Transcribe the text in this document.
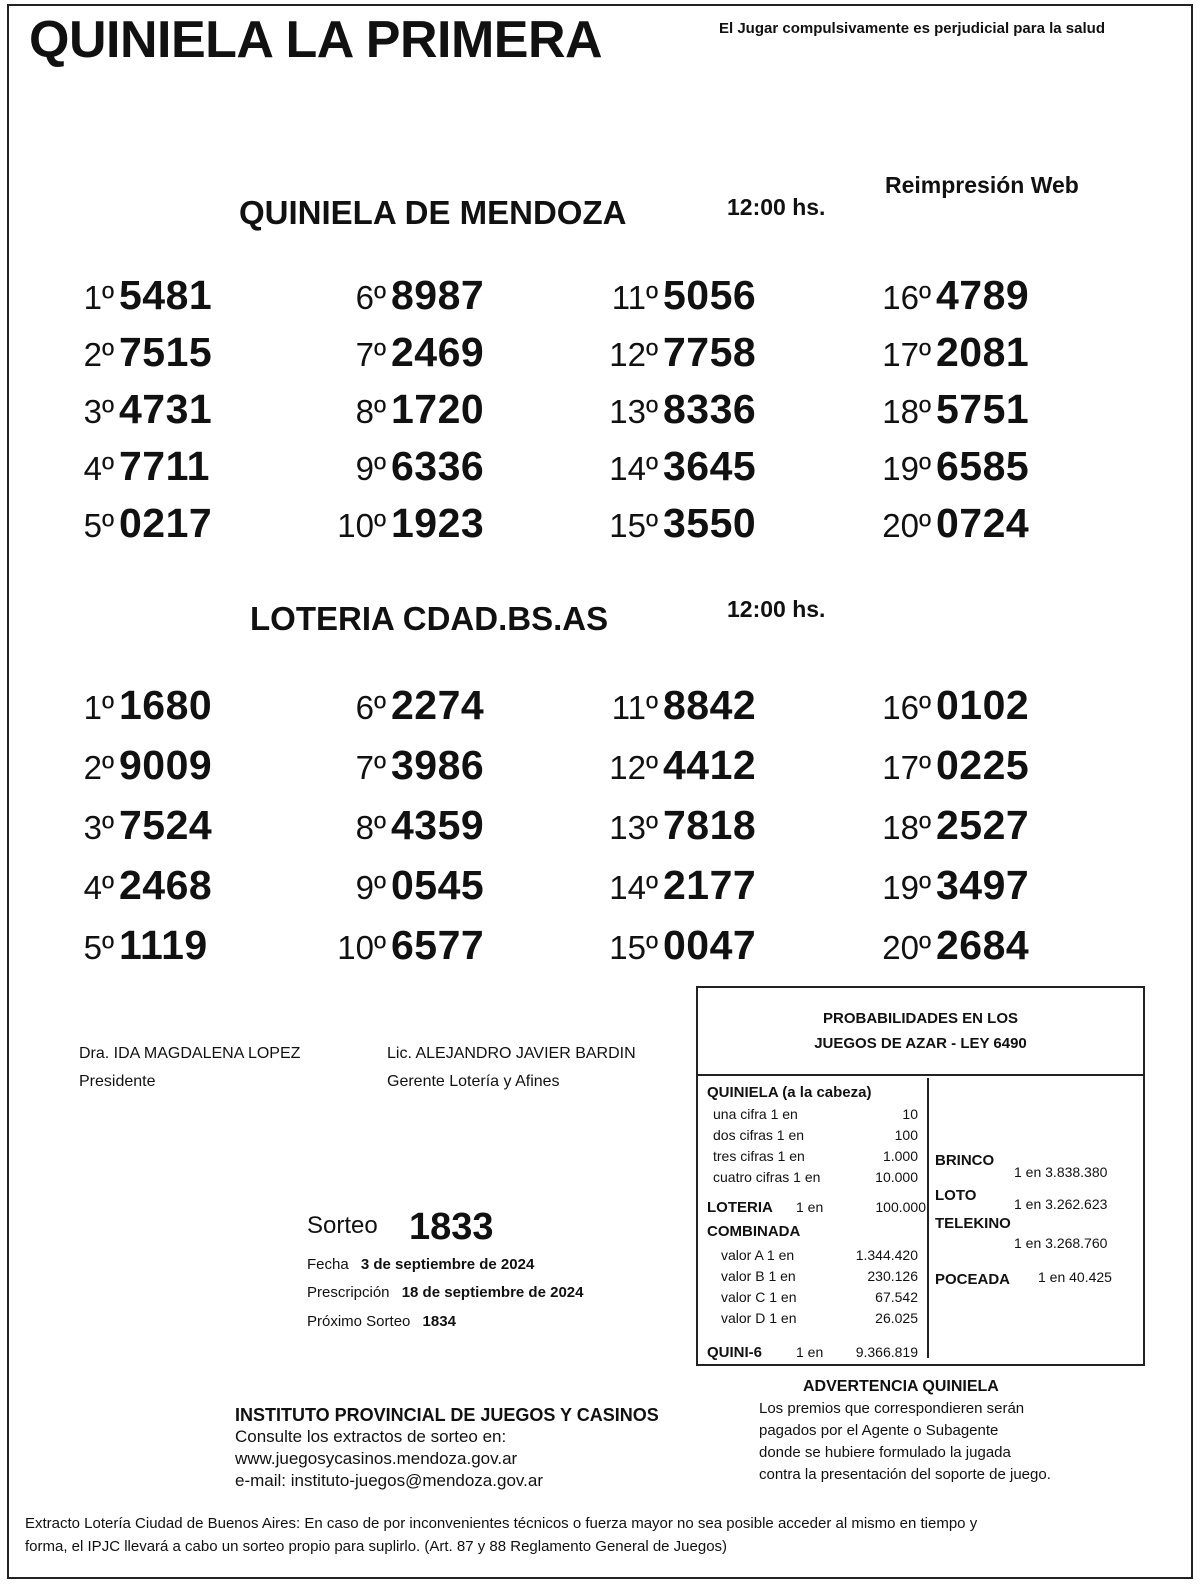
QUINIELA LA PRIMERA	El Jugar compulsivamente es perjudicial para la salud
Reimpresión Web
QUINIELA DE MENDOZA	12:00 hs.
1º 5481
2º 7515
3º 4731
4º 7711
5º 0217
6º 8987
7º 2469
8º 1720
9º 6336
10º 1923
11º 5056
12º 7758
13º 8336
14º 3645
15º 3550
16º 4789
17º 2081
18º 5751
19º 6585
20º 0724
LOTERIA CDAD.BS.AS	12:00 hs.
1º 1680
2º 9009
3º 7524
4º 2468
5º 1119
6º 2274
7º 3986
8º 4359
9º 0545
10º 6577
11º 8842
12º 4412
13º 7818
14º 2177
15º 0047
16º 0102
17º 0225
18º 2527
19º 3497
20º 2684
Dra. IDA MAGDALENA LOPEZ
Presidente
Lic. ALEJANDRO JAVIER BARDIN
Gerente Lotería y Afines
Sorteo 1833
Fecha 3 de septiembre de 2024
Prescripción 18 de septiembre de 2024
Próximo Sorteo 1834
PROBABILIDADES EN LOS
JUEGOS DE AZAR - LEY 6490
QUINIELA (a la cabeza)
una cifra 1 en	10
dos cifras 1 en	100
tres cifras 1 en	1.000
cuatro cifras 1 en	10.000
LOTERIA 1 en	100.000
COMBINADA
valor A 1 en	1.344.420
valor B 1 en	230.126
valor C 1 en	67.542
valor D 1 en	26.025
QUINI-6 1 en	9.366.819
BRINCO
1 en 3.838.380
LOTO	1 en 3.262.623
TELEKINO
1 en 3.268.760
POCEADA 1 en 40.425
INSTITUTO PROVINCIAL DE JUEGOS Y CASINOS
Consulte los extractos de sorteo en:
www.juegosycasinos.mendoza.gov.ar
e-mail: instituto-juegos@mendoza.gov.ar
ADVERTENCIA QUINIELA
Los premios que correspondieren serán
pagados por el Agente o Subagente
donde se hubiere formulado la jugada
contra la presentación del soporte de juego.
Extracto Lotería Ciudad de Buenos Aires: En caso de por inconvenientes técnicos o fuerza mayor no sea posible acceder al mismo en tiempo y
forma, el IPJC llevará a cabo un sorteo propio para suplirlo. (Art. 87 y 88 Reglamento General de Juegos)
